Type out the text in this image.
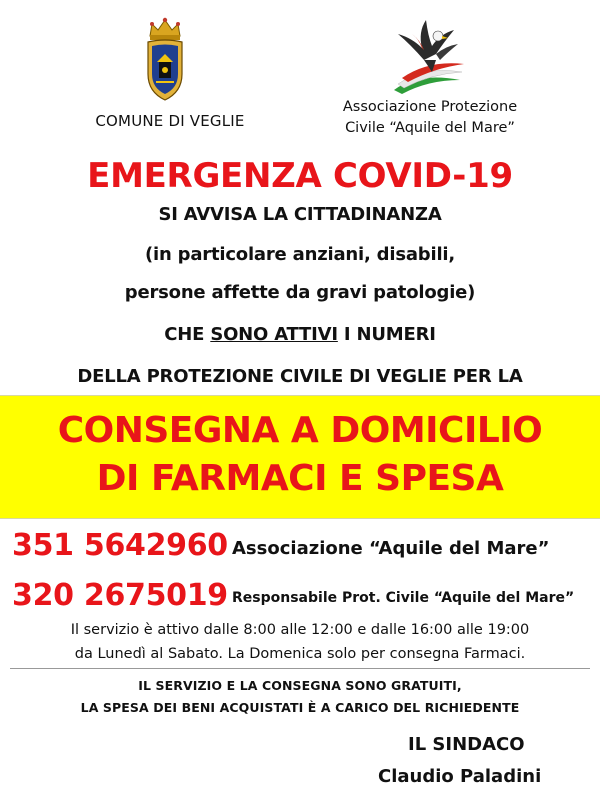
COMUNE DI VEGLIE
Associazione Protezione
Civile “Aquile del Mare”
EMERGENZA COVID-19
SI AVVISA LA CITTADINANZA
(in particolare anziani, disabili,
persone affette da gravi patologie)
CHE SONO ATTIVI I NUMERI
DELLA PROTEZIONE CIVILE DI VEGLIE PER LA
CONSEGNA A DOMICILIO
DI FARMACI E SPESA
351 5642960 Associazione “Aquile del Mare”
320 2675019 Responsabile Prot. Civile “Aquile del Mare”
Il servizio è attivo dalle 8:00 alle 12:00 e dalle 16:00 alle 19:00
da Lunedì al Sabato. La Domenica solo per consegna Farmaci.
IL SERVIZIO E LA CONSEGNA SONO GRATUITI,
LA SPESA DEI BENI ACQUISTATI È A CARICO DEL RICHIEDENTE
IL SINDACO
Claudio Paladini
